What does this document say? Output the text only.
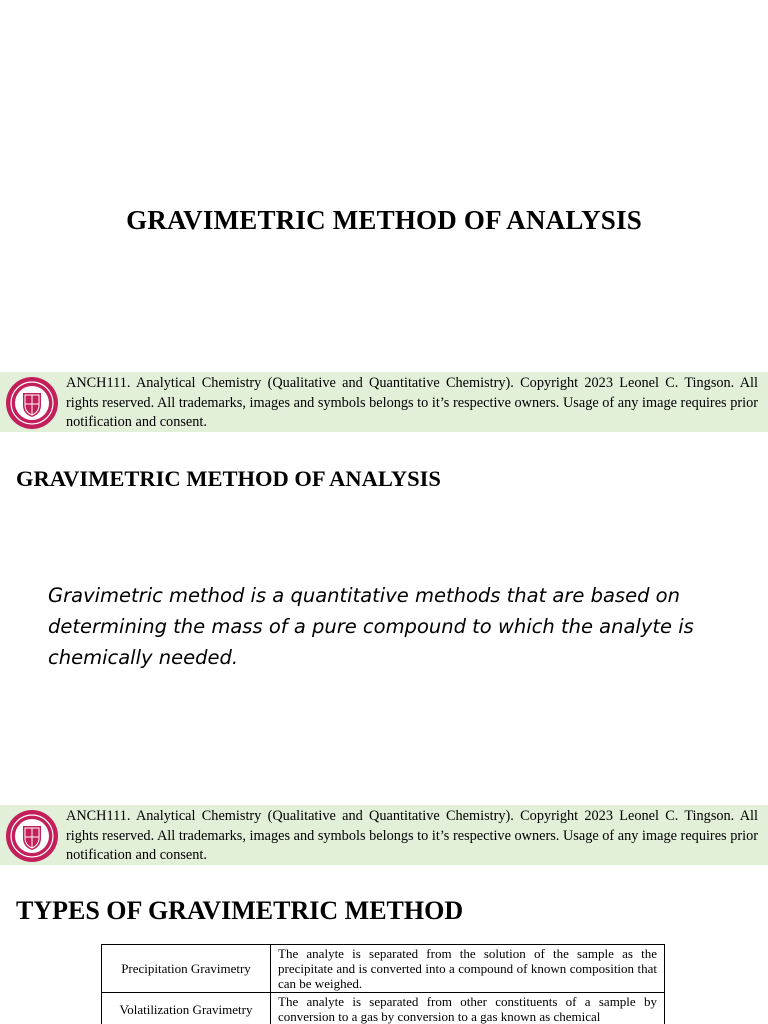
GRAVIMETRIC METHOD OF ANALYSIS
ANCH111. Analytical Chemistry (Qualitative and Quantitative Chemistry). Copyright 2023 Leonel C. Tingson. All rights reserved. All trademarks, images and symbols belongs to it’s respective owners. Usage of any image requires prior notification and consent.
GRAVIMETRIC METHOD OF ANALYSIS
Gravimetric method is a quantitative methods that are based on determining the mass of a pure compound to which the analyte is chemically needed.
ANCH111. Analytical Chemistry (Qualitative and Quantitative Chemistry). Copyright 2023 Leonel C. Tingson. All rights reserved. All trademarks, images and symbols belongs to it’s respective owners. Usage of any image requires prior notification and consent.
TYPES OF GRAVIMETRIC METHOD
Precipitation Gravimetry	The analyte is separated from the solution of the sample as the precipitate and is converted into a compound of known composition that can be weighed.
Volatilization Gravimetry	The analyte is separated from other constituents of a sample by conversion to a gas by conversion to a gas known as chemical
